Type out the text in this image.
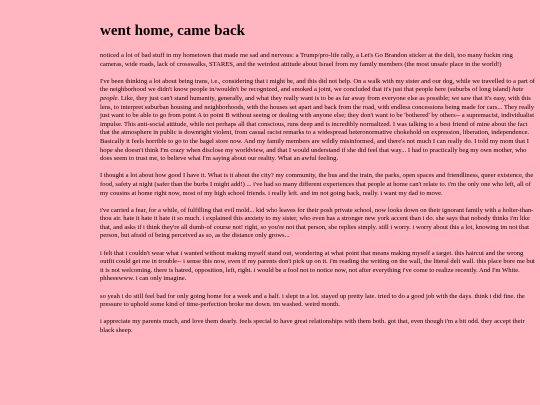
went home, came back

noticed a lot of bad stuff in my hometown that made me sad and nervous: a Trump/pro-life rally, a Let's Go Brandon sticker at the deli, too many fuckin ring cameras, wide roads, lack of crosswalks, STARES, and the weirdest attitude about Israel from my family members (the most unsafe place in the world!)

I've been thinking a lot about being trans, i.e., considering that i might be, and this did not help. On a walk with my sister and our dog, while we travelled to a part of the neighborhood we didn't know people in/wouldn't be recognized, and smoked a joint, we concluded that it's just that people here (suburbs of long island) hate people. Like, they just can't stand humanity, generally, and what they really want is to be as far away from everyone else as possible; we saw that it's easy, with this lens, to interpret suburban housing and neighborhoods, with the houses set apart and back from the road, with endless concessions being made for cars... They really just want to be able to go from point A to point B without seeing or dealing with anyone else; they don't want to be 'bothered' by others-- a supremacist, individualist impulse. This anti-social attitude, while not perhaps all that conscious, runs deep and is incredibly normalized. I was talking to a best friend of mine about the fact that the atmosphere in public is downright violent, from casual racist remarks to a widespread heteronormative chokehold on expression, liberation, independence. Basically it feels horrible to go to the bagel store now. And my family members are wildly misinformed, and there's not much I can really do. I told my mom that I hope she doesn't think I'm crazy when disclose my worldview, and that I would understand if she did feel that way... I had to practically beg my own mother, who does seem to trust me, to believe what I'm saying about our reality. What an awful feeling.

I thought a lot about how good I have it. What is it about the city? my community, the bus and the train, the parks, open spaces and friendliness, queer existence, the food, safety at night (safer than the burbs I might add!) ... i've had so many different experiences that people at home can't relate to. i'm the only one who left, all of my cousins at home right now, most of my high school friends. i really left. and im not going back, really. i want my dad to move.

i've carried a fear, for a while, of fulfilling that evil mold... kid who leaves for their posh private school, now looks down on their ignorant family with a holier-than-thou air. hate it hate it hate it so much. i explained this anxiety to my sister, who even has a stronger new york accent than i do. she says that nobody thinks i'm like that, and asks if i think they're all dumb-of course not! right, so you're not that person, she replies simply. still i worry. i worry about this a lot, knowing im not that person, but afraid of being perceived as so, as the distance only grows...

i felt that i couldn't wear what i wanted without making myself stand out, wondering at what point that means making myself a target. this haircut and the wrong outfit could get me in trouble-- i sense this now, even if my parents don't pick up on it. i'm reading the writing on the wall, the literal deli wall. this place bore me but it is not welcoming. there is hatred, opposition, left, right. i would be a fool not to notice now, not after everything i've come to realize recently. And I'm White. phheeewww. i can only imagine.

so yeah i do still feel bad for only going home for a week and a half. i slept in a lot. stayed up pretty late. tried to do a good job with the days. think i did fine. the pressure to uphold some kind of time-perfection broke me down. im washed. weird month.

i appreciate my parents much, and love them dearly. feels special to have great relationships with them both. got that, even though i'm a bit odd. they accept their black sheep.
